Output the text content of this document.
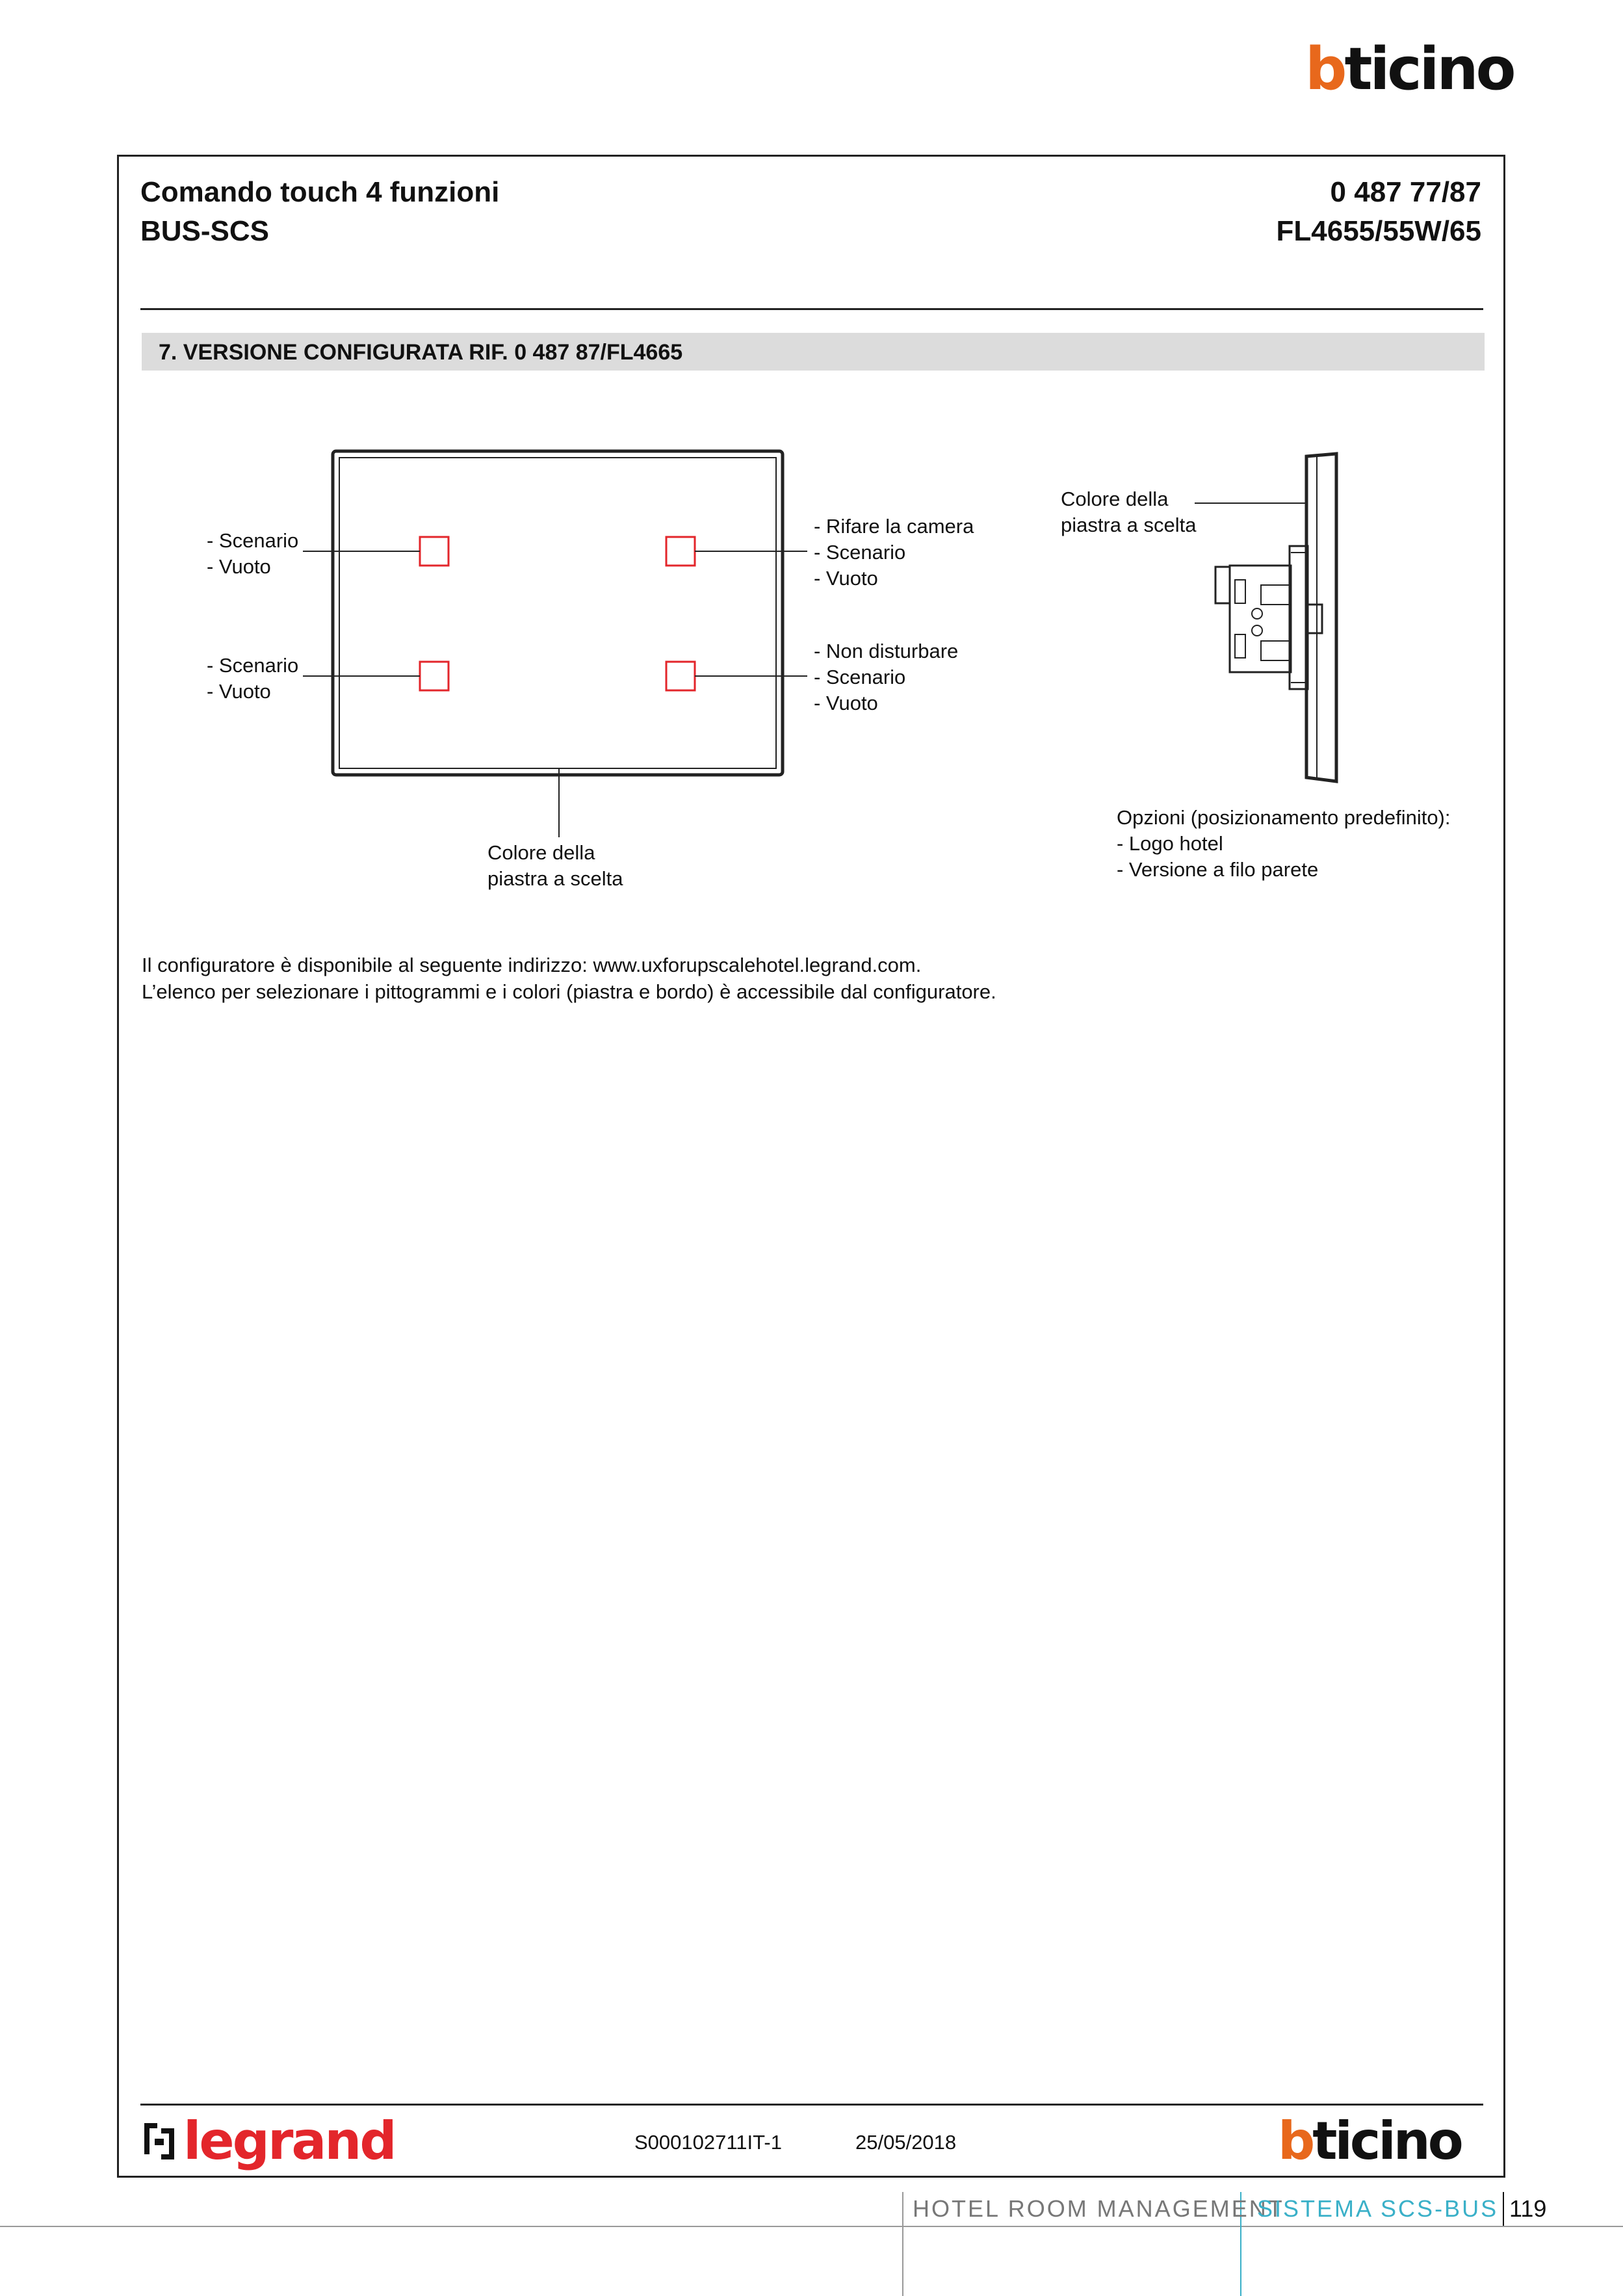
bticino
Comando touch 4 funzioni
BUS-SCS
0 487 77/87
FL4655/55W/65
7. VERSIONE CONFIGURATA RIF. 0 487 87/FL4665
- Scenario
- Vuoto
- Scenario
- Vuoto
- Rifare la camera
- Scenario
- Vuoto
- Non disturbare
- Scenario
- Vuoto
Colore della
piastra a scelta
Colore della
piastra a scelta
Opzioni (posizionamento predefinito):
- Logo hotel
- Versione a filo parete
Il configuratore è disponibile al seguente indirizzo: www.uxforupscalehotel.legrand.com.
L’elenco per selezionare i pittogrammi e i colori (piastra e bordo) è accessibile dal configuratore.
legrand	S000102711IT-1	25/05/2018	bticino
HOTEL ROOM MANAGEMENT
SISTEMA SCS-BUS 119
